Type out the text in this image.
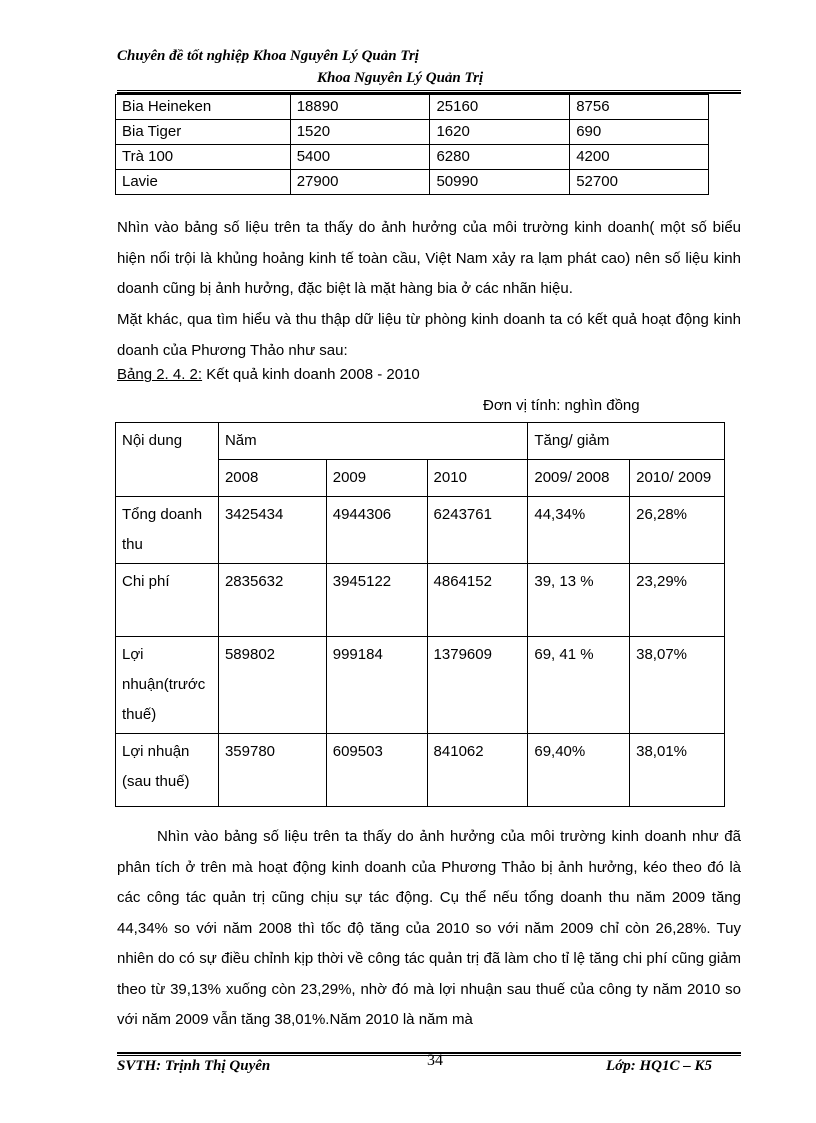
Chuyên đề tốt nghiệp Khoa Nguyên Lý Quản Trị
Khoa Nguyên Lý Quản Trị
Bia Heineken	18890	25160	8756
Bia Tiger	1520	1620	690
Trà 100	5400	6280	4200
Lavie	27900	50990	52700
Nhìn vào bảng số liệu trên ta thấy do ảnh hưởng của môi trường kinh doanh( một số biểu hiện nổi trội là khủng hoảng kinh tế toàn cầu, Việt Nam xảy ra lạm phát cao) nên số liệu kinh doanh cũng bị ảnh hưởng, đặc biệt là mặt hàng bia ở các nhãn hiệu.
Mặt khác, qua tìm hiểu và thu thập dữ liệu từ phòng kinh doanh ta có kết quả hoạt động kinh doanh của Phương Thảo như sau:
Bảng 2. 4. 2: Kết quả kinh doanh 2008 - 2010
Đơn vị tính: nghìn đồng
Nội dung	Năm			Tăng/ giảm	
	2008	2009	2010	2009/ 2008	2010/ 2009
Tổng doanh thu	3425434	4944306	6243761	44,34%	26,28%
Chi phí	2835632	3945122	4864152	39, 13 %	23,29%
Lợi nhuận(trước thuế)	589802	999184	1379609	69, 41 %	38,07%
Lợi nhuận (sau thuế)	359780	609503	841062	69,40%	38,01%
Nhìn vào bảng số liệu trên ta thấy do ảnh hưởng của môi trường kinh doanh như đã phân tích ở trên mà hoạt động kinh doanh của Phương Thảo bị ảnh hưởng, kéo theo đó là các công tác quản trị cũng chịu sự tác động. Cụ thể nếu tổng doanh thu năm 2009 tăng 44,34% so với năm 2008 thì tốc độ tăng của 2010 so với năm 2009 chỉ còn 26,28%. Tuy nhiên do có sự điều chỉnh kịp thời về công tác quản trị đã làm cho tỉ lệ tăng chi phí cũng giảm theo từ 39,13% xuống còn 23,29%, nhờ đó mà lợi nhuận sau thuế của công ty năm 2010 so với năm 2009 vẫn tăng 38,01%.Năm 2010 là năm mà
SVTH: Trịnh Thị Quyên	34	Lớp: HQ1C – K5
